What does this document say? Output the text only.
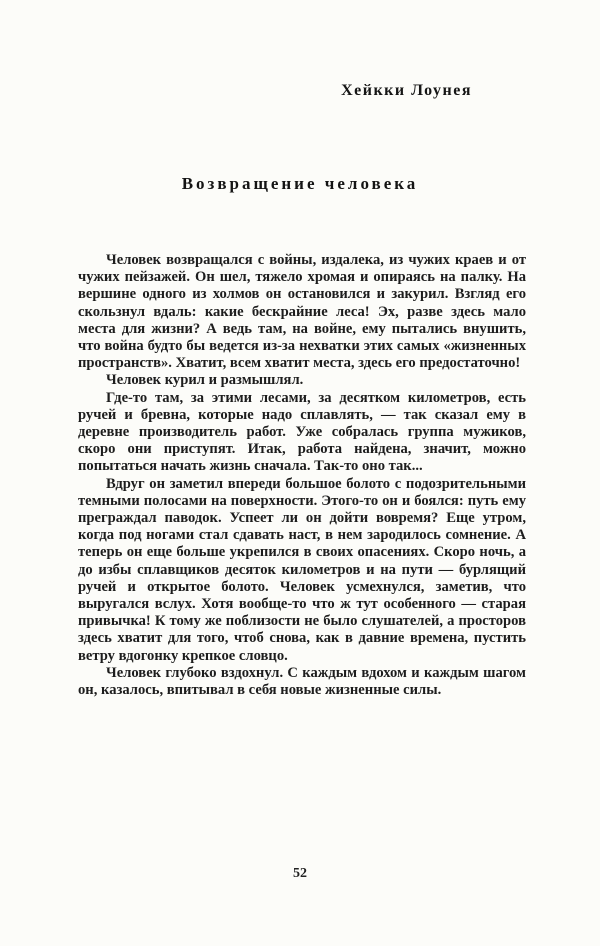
Хейкки Лоунея
Возвращение человека

Человек возвращался с войны, издалека, из чужих краев и от чужих пейзажей. Он шел, тяжело хромая и опираясь на палку. На вершине одного из холмов он остановился и закурил. Взгляд его скользнул вдаль: какие бескрайние леса! Эх, разве здесь мало места для жизни? А ведь там, на войне, ему пытались внушить, что война будто бы ведется из-за нехватки этих самых «жизненных пространств». Хватит, всем хватит места, здесь его предостаточно!

Человек курил и размышлял.

Где-то там, за этими лесами, за десятком километров, есть ручей и бревна, которые надо сплавлять, — так сказал ему в деревне производитель работ. Уже собралась группа мужиков, скоро они приступят. Итак, работа найдена, значит, можно попытаться начать жизнь сначала. Так-то оно так...

Вдруг он заметил впереди большое болото с подозрительными темными полосами на поверхности. Этого-то он и боялся: путь ему преграждал паводок. Успеет ли он дойти вовремя? Еще утром, когда под ногами стал сдавать наст, в нем зародилось сомнение. А теперь он еще больше укрепился в своих опасениях. Скоро ночь, а до избы сплавщиков десяток километров и на пути — бурлящий ручей и открытое болото. Человек усмехнулся, заметив, что выругался вслух. Хотя вообще-то что ж тут особенного — старая привычка! К тому же поблизости не было слушателей, а просторов здесь хватит для того, чтоб снова, как в давние времена, пустить ветру вдогонку крепкое словцо.

Человек глубоко вздохнул. С каждым вдохом и каждым шагом он, казалось, впитывал в себя новые жизненные силы.

52
